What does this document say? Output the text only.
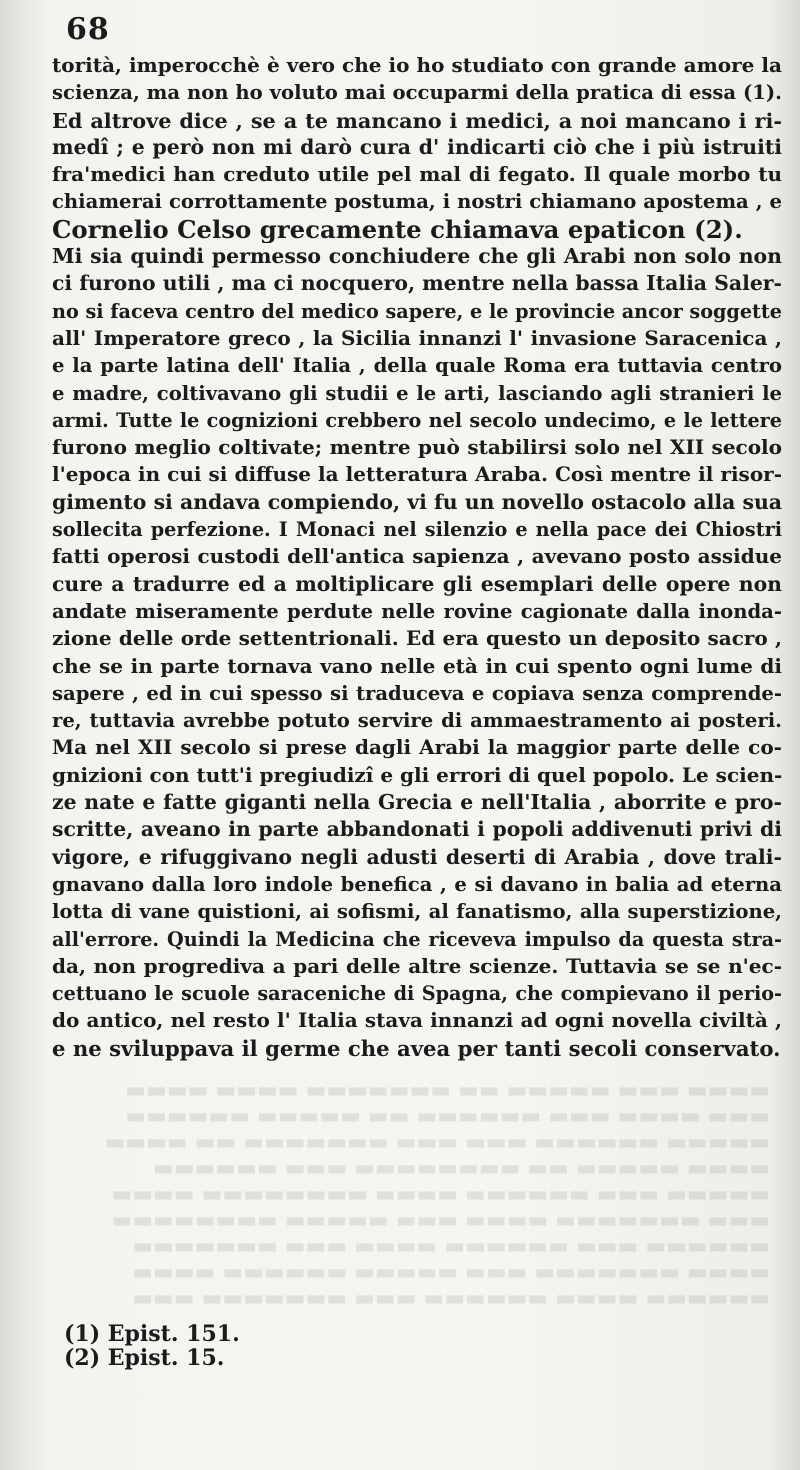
68
torità, imperocchè è vero che io ho studiato con grande amore la
scienza, ma non ho voluto mai occuparmi della pratica di essa (1).
Ed altrove dice , se a te mancano i medici, a noi mancano i ri-
medî ; e però non mi darò cura d' indicarti ciò che i più istruiti
fra'medici han creduto utile pel mal di fegato. Il quale morbo tu
chiamerai corrottamente postuma, i nostri chiamano apostema , e
Cornelio Celso grecamente chiamava epaticon (2).
Mi sia quindi permesso conchiudere che gli Arabi non solo non
ci furono utili , ma ci nocquero, mentre nella bassa Italia Saler-
no si faceva centro del medico sapere, e le provincie ancor soggette
all' Imperatore greco , la Sicilia innanzi l' invasione Saracenica ,
e la parte latina dell' Italia , della quale Roma era tuttavia centro
e madre, coltivavano gli studii e le arti, lasciando agli stranieri le
armi. Tutte le cognizioni crebbero nel secolo undecimo, e le lettere
furono meglio coltivate; mentre può stabilirsi solo nel XII secolo
l'epoca in cui si diffuse la letteratura Araba. Così mentre il risor-
gimento si andava compiendo, vi fu un novello ostacolo alla sua
sollecita perfezione. I Monaci nel silenzio e nella pace dei Chiostri
fatti operosi custodi dell'antica sapienza , avevano posto assidue
cure a tradurre ed a moltiplicare gli esemplari delle opere non
andate miseramente perdute nelle rovine cagionate dalla inonda-
zione delle orde settentrionali. Ed era questo un deposito sacro ,
che se in parte tornava vano nelle età in cui spento ogni lume di
sapere , ed in cui spesso si traduceva e copiava senza comprende-
re, tuttavia avrebbe potuto servire di ammaestramento ai posteri.
Ma nel XII secolo si prese dagli Arabi la maggior parte delle co-
gnizioni con tutt'i pregiudizî e gli errori di quel popolo. Le scien-
ze nate e fatte giganti nella Grecia e nell'Italia , aborrite e pro-
scritte, aveano in parte abbandonati i popoli addivenuti privi di
vigore, e rifuggivano negli adusti deserti di Arabia , dove trali-
gnavano dalla loro indole benefica , e si davano in balia ad eterna
lotta di vane quistioni, ai sofismi, al fanatismo, alla superstizione,
all'errore. Quindi la Medicina che riceveva impulso da questa stra-
da, non progrediva a pari delle altre scienze. Tuttavia se se n'ec-
cettuano le scuole saraceniche di Spagna, che compievano il perio-
do antico, nel resto l' Italia stava innanzi ad ogni novella civiltà ,
e ne sviluppava il germe che avea per tanti secoli conservato.
▬▬▬▬ ▬▬▬ ▬▬▬▬▬ ▬▬ ▬▬▬▬▬▬▬ ▬▬▬▬ ▬▬▬▬
▬▬▬ ▬▬▬▬ ▬▬▬ ▬▬▬▬▬▬ ▬▬ ▬▬▬▬▬ ▬▬▬▬▬▬
▬▬▬▬▬ ▬▬▬▬▬▬ ▬▬▬ ▬▬▬ ▬▬▬▬▬▬▬ ▬▬ ▬▬▬▬
▬▬▬▬ ▬▬▬▬▬ ▬▬ ▬▬▬▬▬▬▬▬ ▬▬▬ ▬▬▬▬▬▬
▬▬▬▬▬ ▬▬▬ ▬▬▬▬▬▬ ▬▬▬▬ ▬▬▬▬▬▬▬▬ ▬▬▬▬
▬▬▬ ▬▬▬▬▬▬▬ ▬▬▬▬ ▬▬▬ ▬▬▬▬▬ ▬▬▬▬▬▬▬▬
▬▬▬▬▬▬ ▬▬▬ ▬▬▬▬▬▬ ▬▬▬▬ ▬▬▬ ▬▬▬▬▬▬▬
▬▬▬▬ ▬▬▬▬▬▬▬ ▬▬▬ ▬▬▬▬▬ ▬▬▬▬▬▬ ▬▬▬▬
▬▬▬▬▬▬ ▬▬▬▬ ▬▬▬▬▬▬ ▬▬▬ ▬▬▬▬▬▬▬ ▬▬▬
(1) Epist. 151.
(2) Epist. 15.
